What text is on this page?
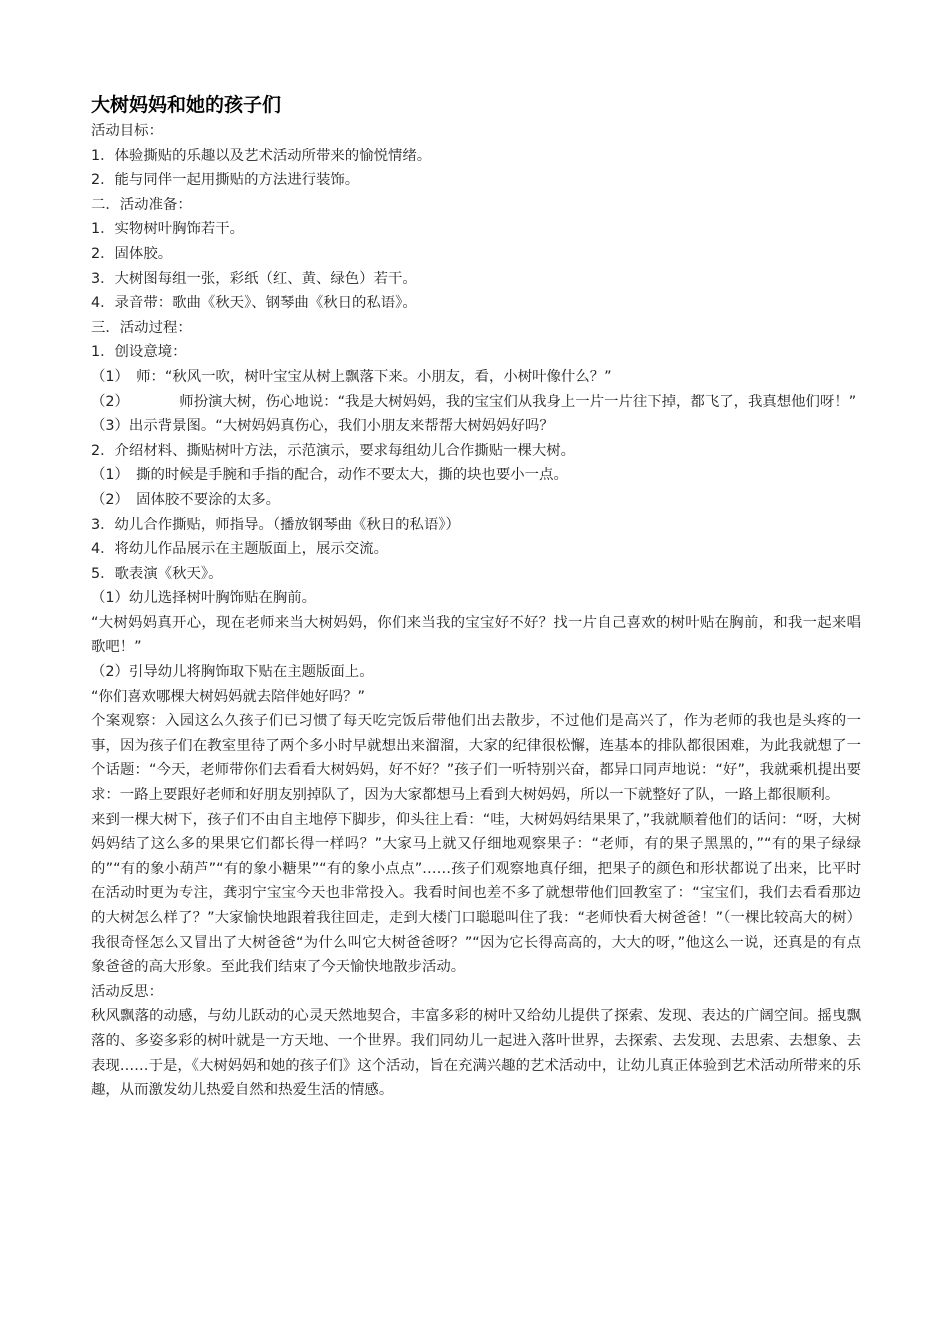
大树妈妈和她的孩子们
活动目标：
1．体验撕贴的乐趣以及艺术活动所带来的愉悦情绪。
2．能与同伴一起用撕贴的方法进行装饰。
二．活动准备：
1．实物树叶胸饰若干。
2．固体胶。
3．大树图每组一张，彩纸（红、黄、绿色）若干。
4．录音带：歌曲《秋天》、钢琴曲《秋日的私语》。
三．活动过程：
1．创设意境：
（1）　师：“秋风一吹，树叶宝宝从树上飘落下来。小朋友，看，小树叶像什么？”
（2）　　　　师扮演大树，伤心地说：“我是大树妈妈，我的宝宝们从我身上一片一片往下掉，都飞了，我真想他们呀！”
（3）出示背景图。“大树妈妈真伤心，我们小朋友来帮帮大树妈妈好吗？
2．介绍材料、撕贴树叶方法，示范演示，要求每组幼儿合作撕贴一棵大树。
（1）　撕的时候是手腕和手指的配合，动作不要太大，撕的块也要小一点。
（2）　固体胶不要涂的太多。
3．幼儿合作撕贴，师指导。（播放钢琴曲《秋日的私语》）
4．将幼儿作品展示在主题版面上，展示交流。
5．歌表演《秋天》。
（1）幼儿选择树叶胸饰贴在胸前。
“大树妈妈真开心，现在老师来当大树妈妈，你们来当我的宝宝好不好？找一片自己喜欢的树叶贴在胸前，和我一起来唱歌吧！”
（2）引导幼儿将胸饰取下贴在主题版面上。
“你们喜欢哪棵大树妈妈就去陪伴她好吗？”
个案观察：入园这么久孩子们已习惯了每天吃完饭后带他们出去散步，不过他们是高兴了，作为老师的我也是头疼的一事，因为孩子们在教室里待了两个多小时早就想出来溜溜，大家的纪律很松懈，连基本的排队都很困难，为此我就想了一个话题：“今天，老师带你们去看看大树妈妈，好不好？”孩子们一听特别兴奋，都异口同声地说：“好”，我就乘机提出要求：一路上要跟好老师和好朋友别掉队了，因为大家都想马上看到大树妈妈，所以一下就整好了队，一路上都很顺利。
来到一棵大树下，孩子们不由自主地停下脚步，仰头往上看：“哇，大树妈妈结果果了，”我就顺着他们的话问：“呀，大树妈妈结了这么多的果果它们都长得一样吗？”大家马上就又仔细地观察果子：“老师，有的果子黑黑的，”“有的果子绿绿的”“有的象小葫芦”“有的象小糖果”“有的象小点点”……孩子们观察地真仔细，把果子的颜色和形状都说了出来，比平时在活动时更为专注，龚羽宁宝宝今天也非常投入。我看时间也差不多了就想带他们回教室了：“宝宝们，我们去看看那边的大树怎么样了？”大家愉快地跟着我往回走，走到大楼门口聪聪叫住了我：“老师快看大树爸爸！”（一棵比较高大的树）我很奇怪怎么又冒出了大树爸爸“为什么叫它大树爸爸呀？”“因为它长得高高的，大大的呀，”他这么一说，还真是的有点象爸爸的高大形象。至此我们结束了今天愉快地散步活动。
活动反思：
秋风飘落的动感，与幼儿跃动的心灵天然地契合，丰富多彩的树叶又给幼儿提供了探索、发现、表达的广阔空间。摇曳飘落的、多姿多彩的树叶就是一方天地、一个世界。我们同幼儿一起进入落叶世界，去探索、去发现、去思索、去想象、去表现……于是，《大树妈妈和她的孩子们》这个活动，旨在充满兴趣的艺术活动中，让幼儿真正体验到艺术活动所带来的乐趣，从而激发幼儿热爱自然和热爱生活的情感。
